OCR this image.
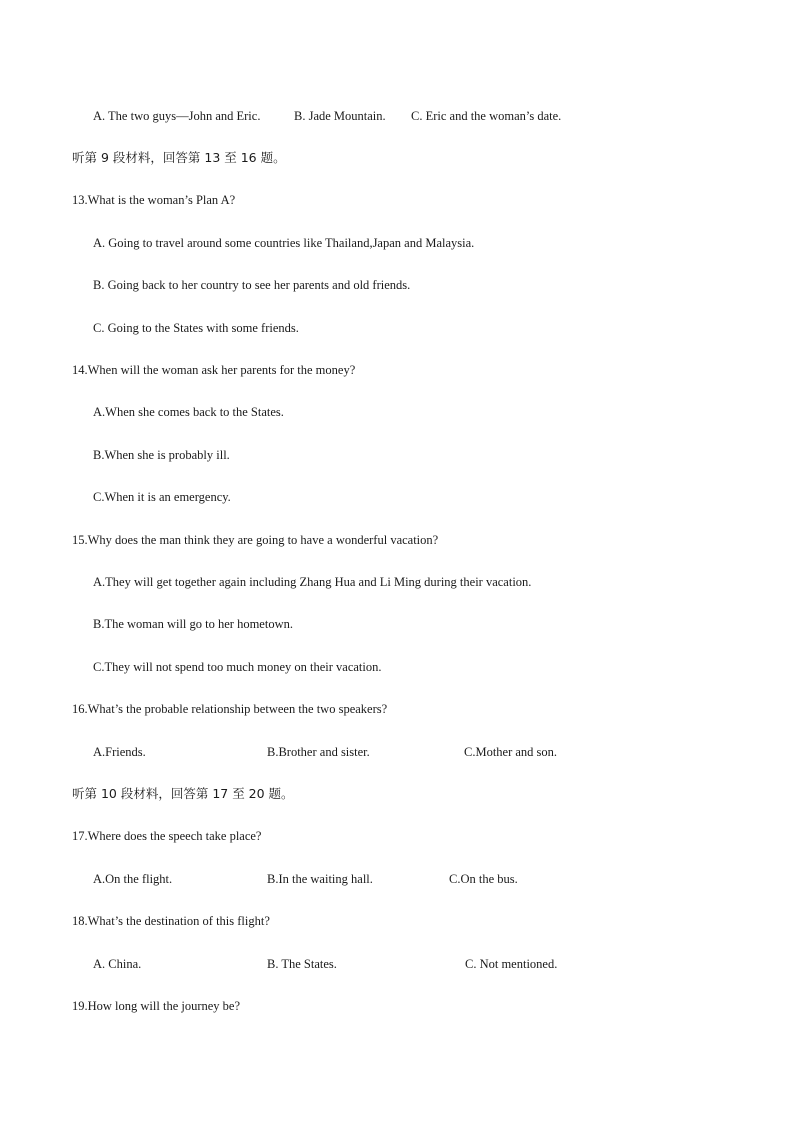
A. The two guys—John and Eric.	B. Jade Mountain. C. Eric and the woman’s date.
听第 9 段材料，回答第 13 至 16 题。
13.What is the woman’s Plan A?
A. Going to travel around some countries like Thailand,Japan and Malaysia.
B. Going back to her country to see her parents and old friends.
C. Going to the States with some friends.
14.When will the woman ask her parents for the money?
A.When she comes back to the States.
B.When she is probably ill.
C.When it is an emergency.
15.Why does the man think they are going to have a wonderful vacation?
A.They will get together again including Zhang Hua and Li Ming during their vacation.
B.The woman will go to her hometown.
C.They will not spend too much money on their vacation.
16.What’s the probable relationship between the two speakers?
A.Friends.	B.Brother and sister.	C.Mother and son.
听第 10 段材料，回答第 17 至 20 题。
17.Where does the speech take place?
A.On the flight.	B.In the waiting hall.	C.On the bus.
18.What’s the destination of this flight?
A. China.	B. The States.	C. Not mentioned.
19.How long will the journey be?
